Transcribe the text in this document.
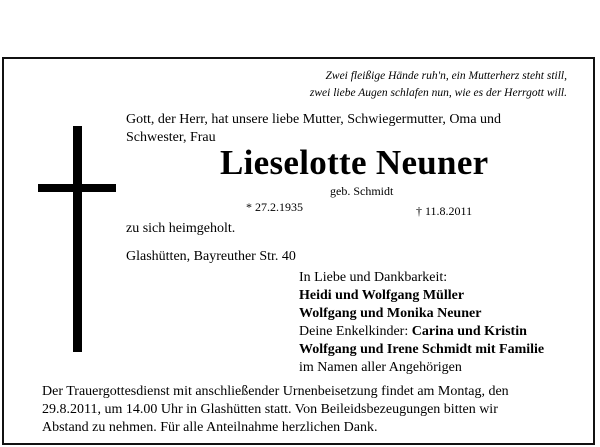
Zwei fleißige Hände ruh'n, ein Mutterherz steht still,
zwei liebe Augen schlafen nun, wie es der Herrgott will.
Gott, der Herr, hat unsere liebe Mutter, Schwiegermutter, Oma und
Schwester, Frau
Lieselotte Neuner
geb. Schmidt
* 27.2.1935	† 11.8.2011
zu sich heimgeholt.
Glashütten, Bayreuther Str. 40
In Liebe und Dankbarkeit:
Heidi und Wolfgang Müller
Wolfgang und Monika Neuner
Deine Enkelkinder: Carina und Kristin
Wolfgang und Irene Schmidt mit Familie
im Namen aller Angehörigen
Der Trauergottesdienst mit anschließender Urnenbeisetzung findet am Montag, den
29.8.2011, um 14.00 Uhr in Glashütten statt. Von Beileidsbezeugungen bitten wir
Abstand zu nehmen. Für alle Anteilnahme herzlichen Dank.
